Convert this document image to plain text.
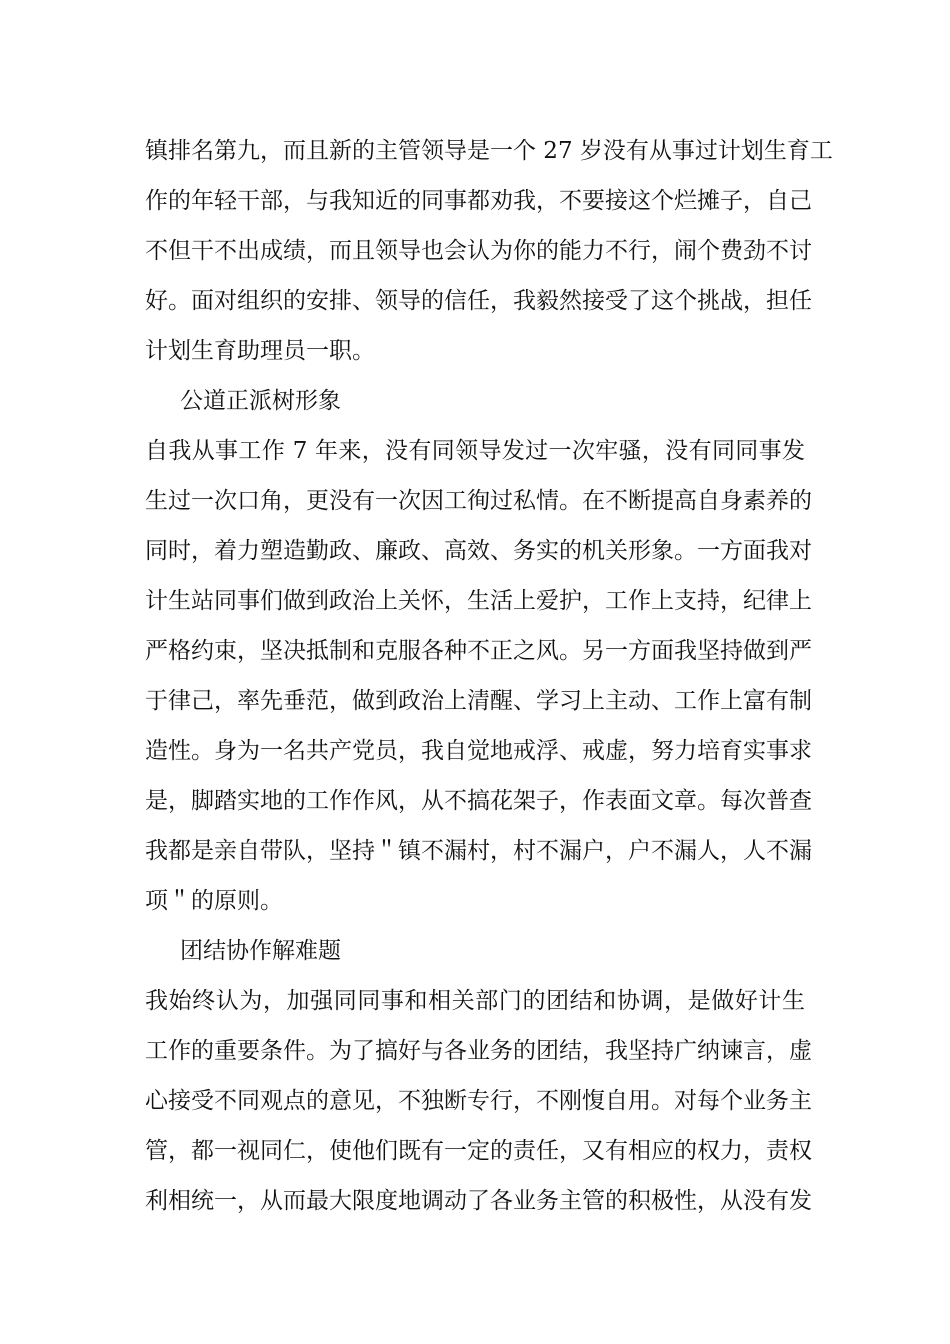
镇排名第九，而且新的主管领导是一个 27 岁没有从事过计划生育工
作的年轻干部，与我知近的同事都劝我，不要接这个烂摊子，自己
不但干不出成绩，而且领导也会认为你的能力不行，闹个费劲不讨
好。面对组织的安排、领导的信任，我毅然接受了这个挑战，担任
计划生育助理员一职。
公道正派树形象
自我从事工作 7 年来，没有同领导发过一次牢骚，没有同同事发
生过一次口角，更没有一次因工徇过私情。在不断提高自身素养的
同时，着力塑造勤政、廉政、高效、务实的机关形象。一方面我对
计生站同事们做到政治上关怀，生活上爱护，工作上支持，纪律上
严格约束，坚决抵制和克服各种不正之风。另一方面我坚持做到严
于律己，率先垂范，做到政治上清醒、学习上主动、工作上富有制
造性。身为一名共产党员，我自觉地戒浮、戒虚，努力培育实事求
是，脚踏实地的工作作风，从不搞花架子，作表面文章。每次普查
我都是亲自带队，坚持＂镇不漏村，村不漏户，户不漏人，人不漏
项＂的原则。
团结协作解难题
我始终认为，加强同同事和相关部门的团结和协调，是做好计生
工作的重要条件。为了搞好与各业务的团结，我坚持广纳谏言，虚
心接受不同观点的意见，不独断专行，不刚愎自用。对每个业务主
管，都一视同仁，使他们既有一定的责任，又有相应的权力，责权
利相统一，从而最大限度地调动了各业务主管的积极性，从没有发
